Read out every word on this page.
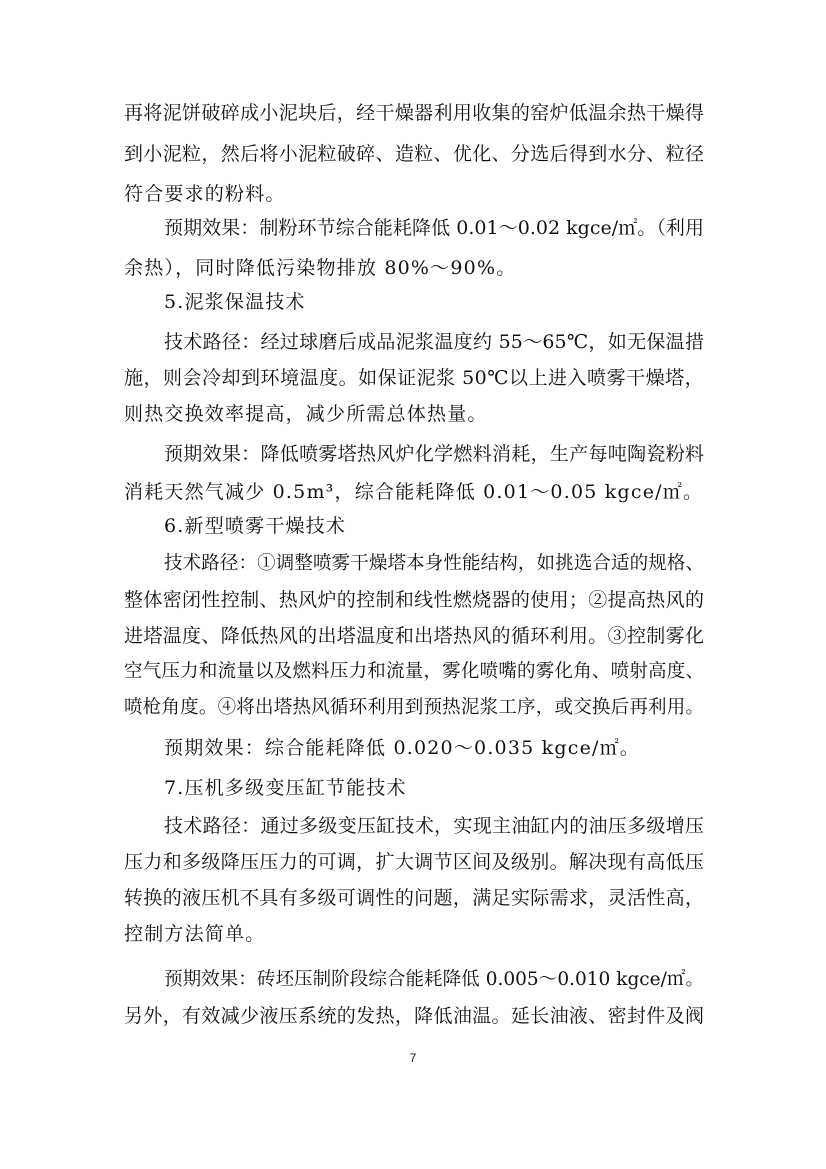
再将泥饼破碎成小泥块后，经干燥器利用收集的窑炉低温余热干燥得
到小泥粒，然后将小泥粒破碎、造粒、优化、分选后得到水分、粒径
符合要求的粉料。
预期效果：制粉环节综合能耗降低 0.01～0.02 kgce/㎡。（利用
余热），同时降低污染物排放 80%～90%。
5.泥浆保温技术
技术路径：经过球磨后成品泥浆温度约 55～65℃，如无保温措
施，则会冷却到环境温度。如保证泥浆 50℃以上进入喷雾干燥塔，
则热交换效率提高，减少所需总体热量。
预期效果：降低喷雾塔热风炉化学燃料消耗，生产每吨陶瓷粉料
消耗天然气减少 0.5m³，综合能耗降低 0.01～0.05 kgce/㎡。
6.新型喷雾干燥技术
技术路径：①调整喷雾干燥塔本身性能结构，如挑选合适的规格、
整体密闭性控制、热风炉的控制和线性燃烧器的使用；②提高热风的
进塔温度、降低热风的出塔温度和出塔热风的循环利用。③控制雾化
空气压力和流量以及燃料压力和流量，雾化喷嘴的雾化角、喷射高度、
喷枪角度。④将出塔热风循环利用到预热泥浆工序，或交换后再利用。
预期效果：综合能耗降低 0.020～0.035 kgce/㎡。
7.压机多级变压缸节能技术
技术路径：通过多级变压缸技术，实现主油缸内的油压多级增压
压力和多级降压压力的可调，扩大调节区间及级别。解决现有高低压
转换的液压机不具有多级可调性的问题，满足实际需求，灵活性高，
控制方法简单。
预期效果：砖坯压制阶段综合能耗降低 0.005～0.010 kgce/㎡。
另外，有效减少液压系统的发热，降低油温。延长油液、密封件及阀
7
